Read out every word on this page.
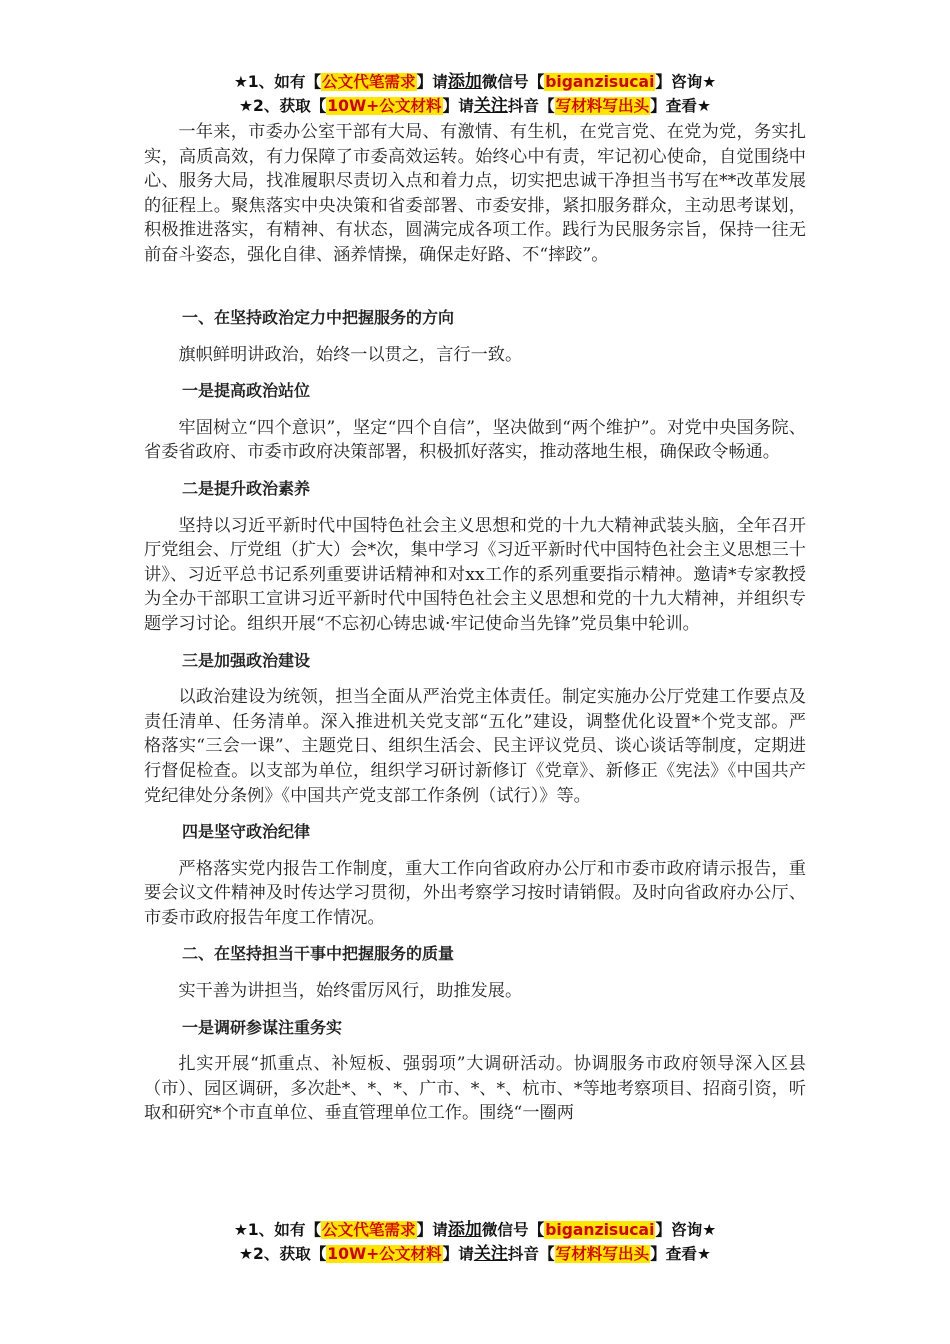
★1、如有【公文代笔需求】请添加微信号【biganzisucai】咨询★
★2、获取【10W+公文材料】请关注抖音【写材料写出头】查看★

一年来，市委办公室干部有大局、有激情、有生机，在党言党、在党为党，务实扎实，高质高效，有力保障了市委高效运转。始终心中有责，牢记初心使命，自觉围绕中心、服务大局，找准履职尽责切入点和着力点，切实把忠诚干净担当书写在**改革发展的征程上。聚焦落实中央决策和省委部署、市委安排，紧扣服务群众，主动思考谋划，积极推进落实，有精神、有状态，圆满完成各项工作。践行为民服务宗旨，保持一往无前奋斗姿态，强化自律、涵养情操，确保走好路、不“摔跤”。

一、在坚持政治定力中把握服务的方向

旗帜鲜明讲政治，始终一以贯之，言行一致。

一是提高政治站位

牢固树立“四个意识”，坚定“四个自信”，坚决做到“两个维护”。对党中央国务院、省委省政府、市委市政府决策部署，积极抓好落实，推动落地生根，确保政令畅通。

二是提升政治素养

坚持以习近平新时代中国特色社会主义思想和党的十九大精神武装头脑，全年召开厅党组会、厅党组（扩大）会*次，集中学习《习近平新时代中国特色社会主义思想三十讲》、习近平总书记系列重要讲话精神和对xx工作的系列重要指示精神。邀请*专家教授为全办干部职工宣讲习近平新时代中国特色社会主义思想和党的十九大精神，并组织专题学习讨论。组织开展“不忘初心铸忠诚·牢记使命当先锋”党员集中轮训。

三是加强政治建设

以政治建设为统领，担当全面从严治党主体责任。制定实施办公厅党建工作要点及责任清单、任务清单。深入推进机关党支部“五化”建设，调整优化设置*个党支部。严格落实“三会一课”、主题党日、组织生活会、民主评议党员、谈心谈话等制度，定期进行督促检查。以支部为单位，组织学习研讨新修订《党章》、新修正《宪法》《中国共产党纪律处分条例》《中国共产党支部工作条例（试行）》等。

四是坚守政治纪律

严格落实党内报告工作制度，重大工作向省政府办公厅和市委市政府请示报告，重要会议文件精神及时传达学习贯彻，外出考察学习按时请销假。及时向省政府办公厅、市委市政府报告年度工作情况。

二、在坚持担当干事中把握服务的质量

实干善为讲担当，始终雷厉风行，助推发展。

一是调研参谋注重务实

扎实开展“抓重点、补短板、强弱项”大调研活动。协调服务市政府领导深入区县（市）、园区调研，多次赴*、*、*、广市、*、*、杭市、*等地考察项目、招商引资，听取和研究*个市直单位、垂直管理单位工作。围绕“一圈两

★1、如有【公文代笔需求】请添加微信号【biganzisucai】咨询★
★2、获取【10W+公文材料】请关注抖音【写材料写出头】查看★
